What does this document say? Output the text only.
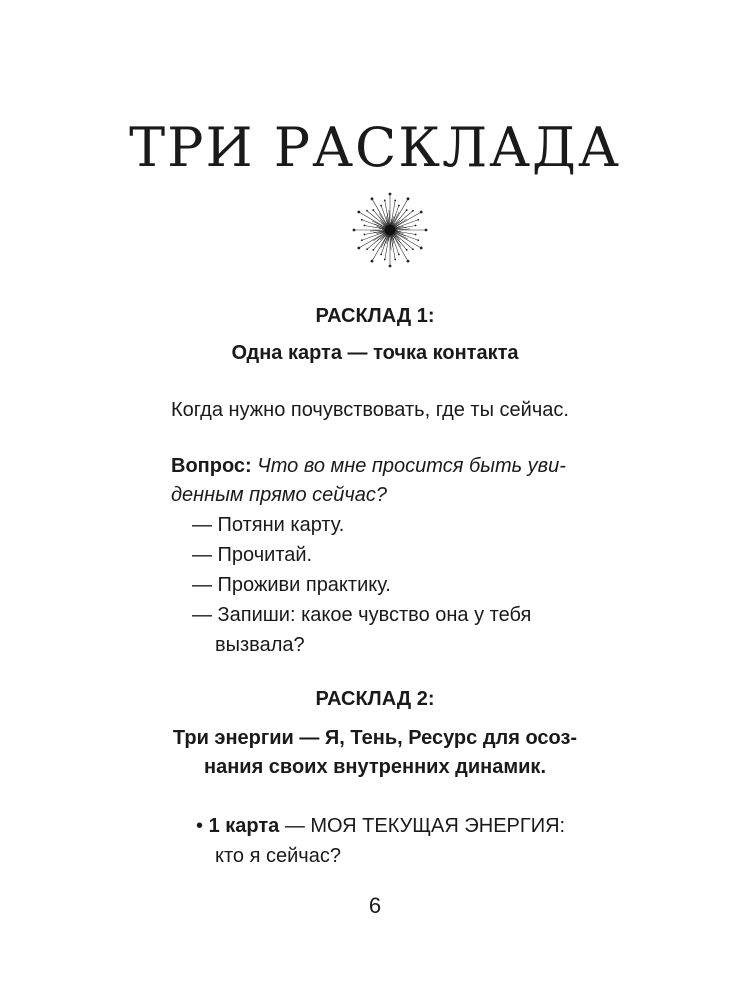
ТРИ РАСКЛАДА
РАСКЛАД 1:

Одна карта — точка контакта

Когда нужно почувствовать, где ты сейчас.

Вопрос: Что во мне просится быть уви-

денным прямо сейчас?

— Потяни карту.
— Прочитай.
— Проживи практику.
— Запиши: какое чувство она у тебя
вызвала?
РАСКЛАД 2:

Три энергии — Я, Тень, Ресурс для осоз-

нания своих внутренних динамик.

• 1 карта — МОЯ ТЕКУЩАЯ ЭНЕРГИЯ:

кто я сейчас?

6
